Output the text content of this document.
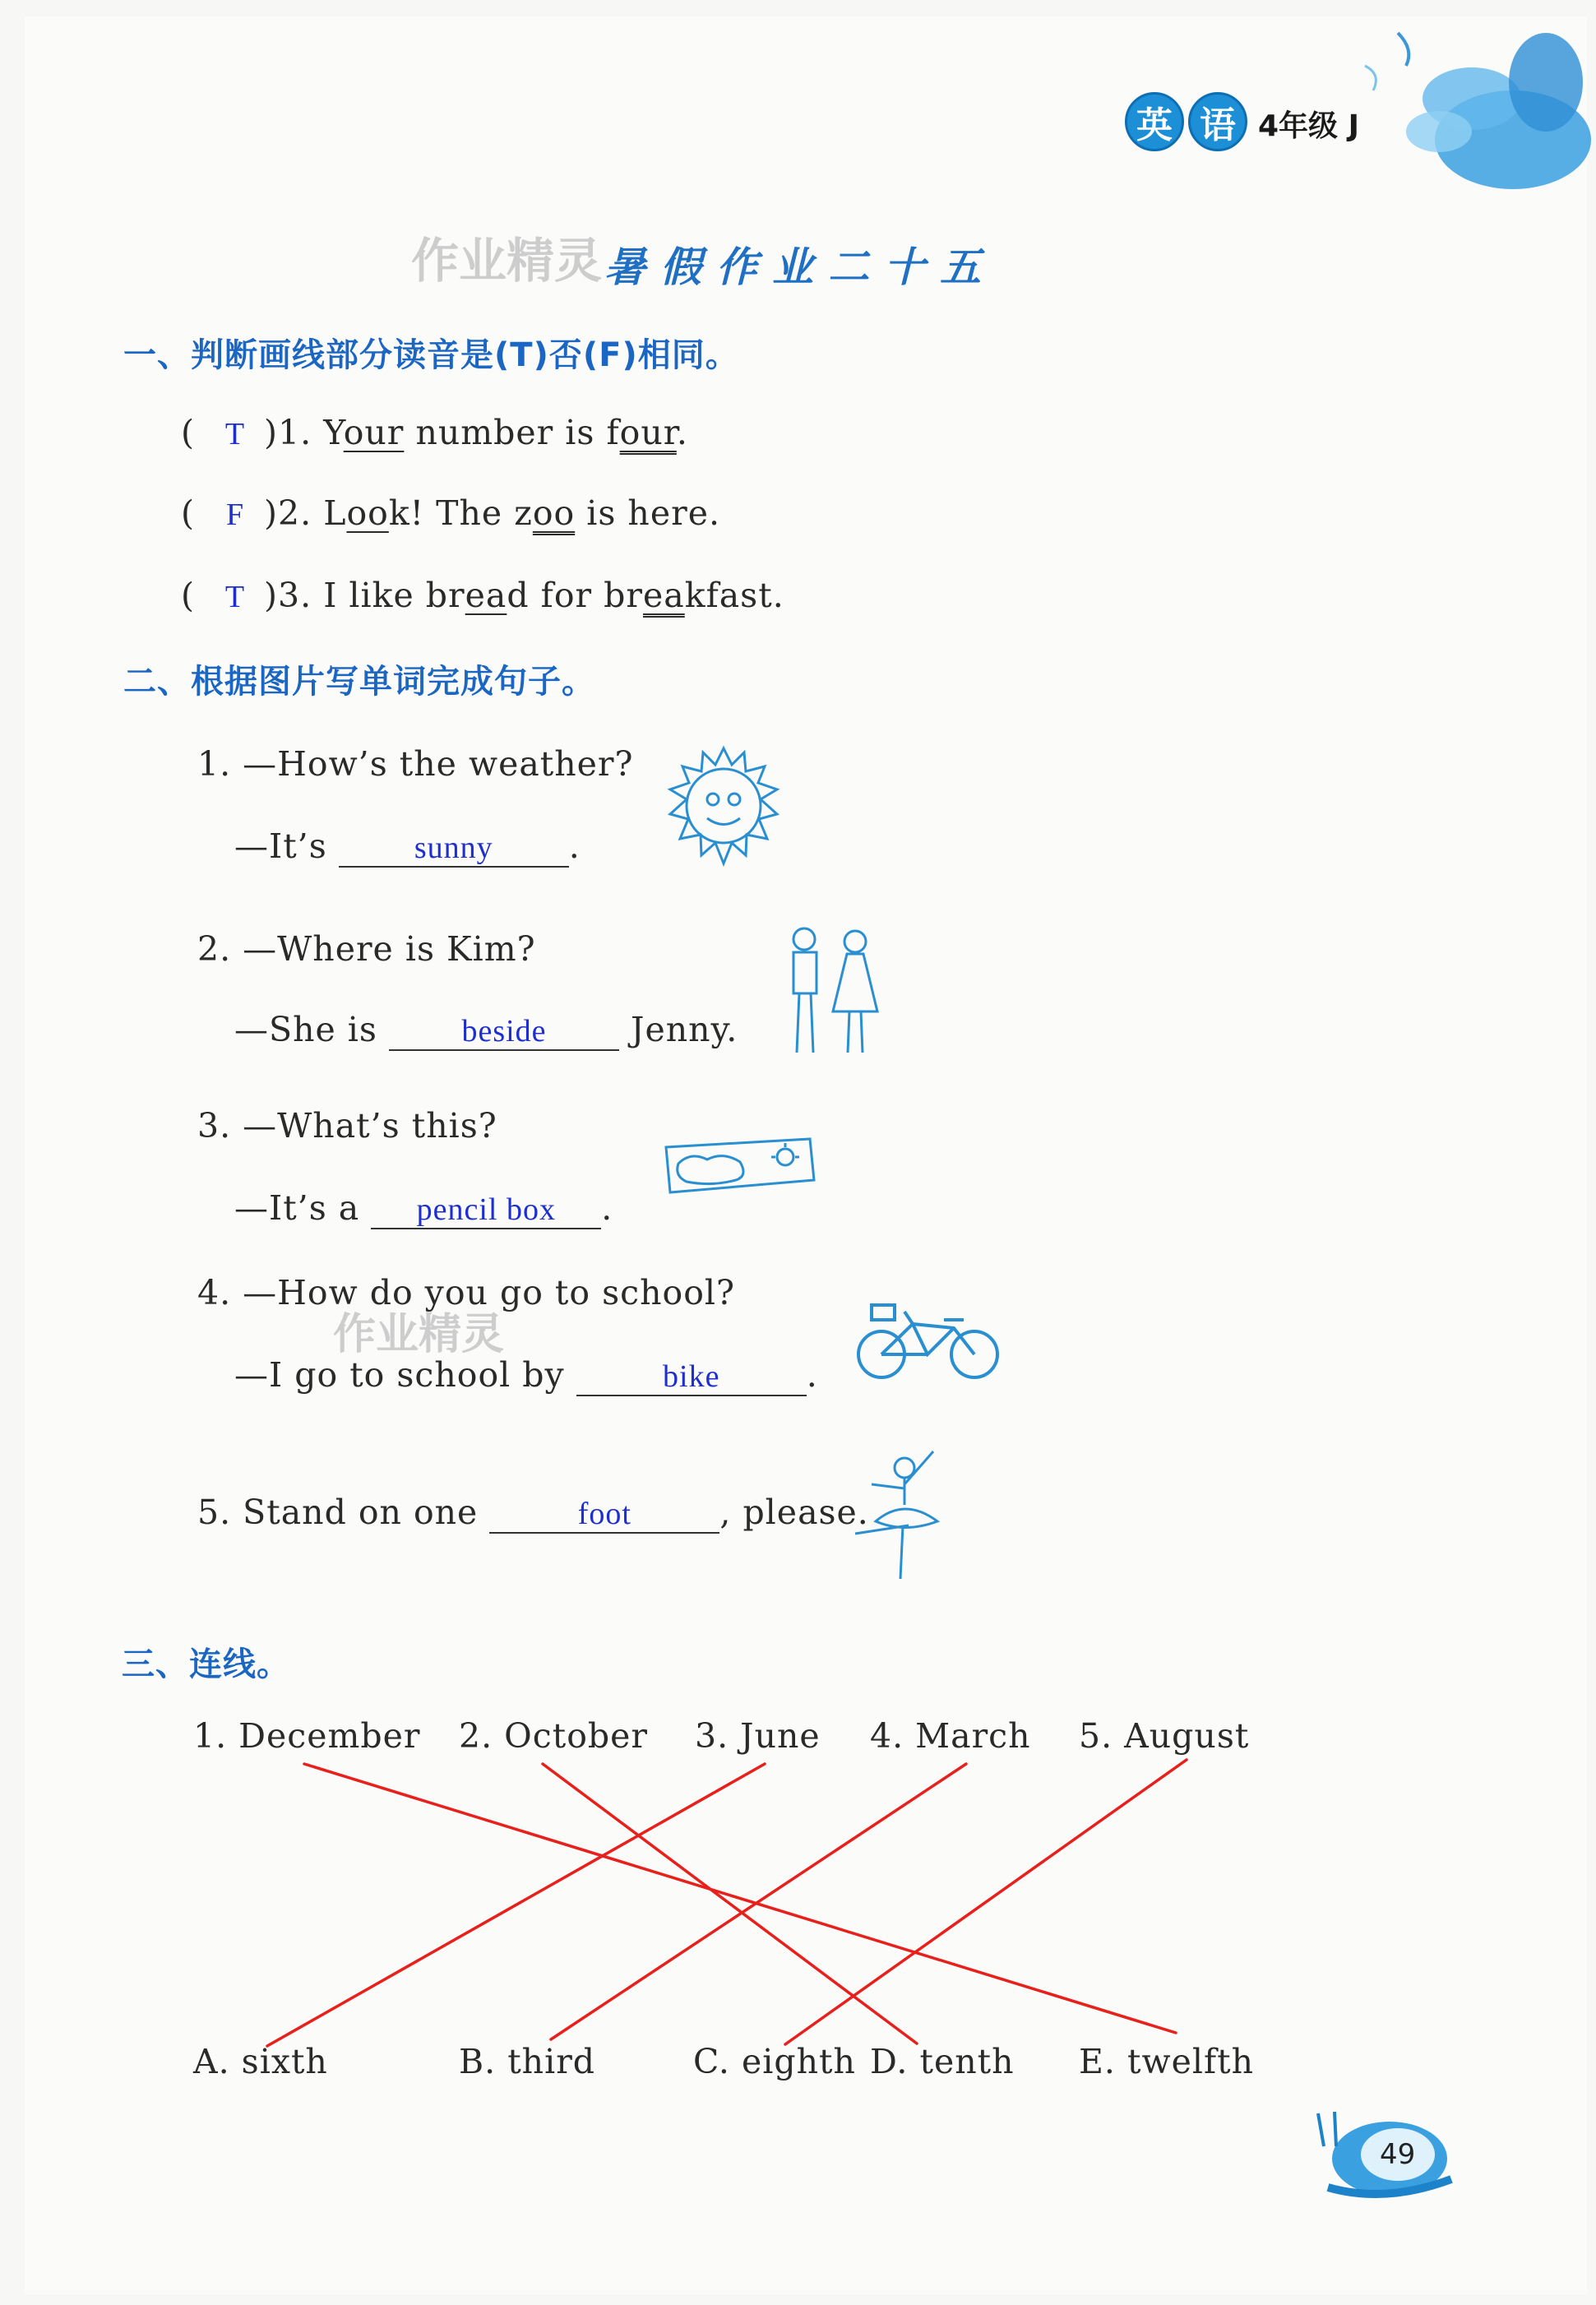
英 语 4年级 J
作业精灵 暑假作业二十五
一、判断画线部分读音是(T)否(F)相同。
( T )1. Your number is four.
( F )2. Look! The zoo is here.
( T )3. I like bread for breakfast.
二、根据图片写单词完成句子。
1. —How’s the weather?
—It’s	sunny .
2. —Where is Kim?
—She is	beside	Jenny.
3. —What’s this?
—It’s a pencil box .
4. —How do you go to school?
作业精灵
—I go to school by	bike	.
5. Stand on one	foot	, please.
三、连线。
1. December 2. October 3. June 4. March 5. August
A. sixth	B. third	C. eighth D. tenth E. twelfth
49
